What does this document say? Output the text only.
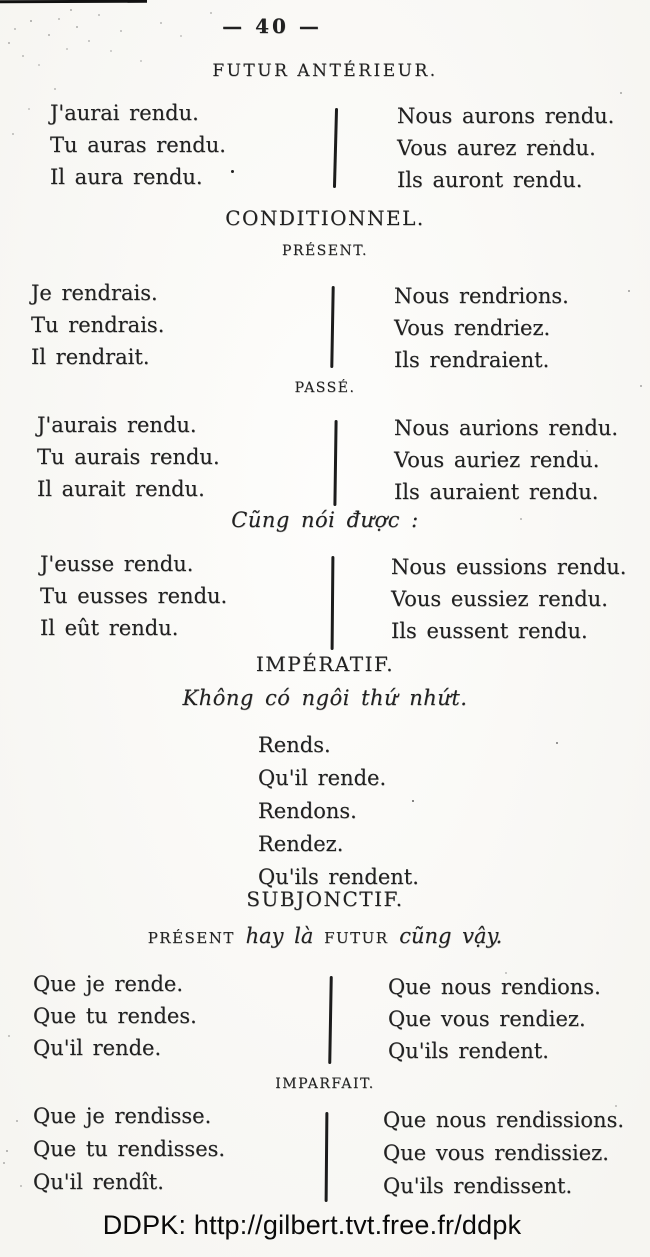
— 40 —
FUTUR ANTÉRIEUR.
J'aurai rendu.
Tu auras rendu.
Il aura rendu.
Nous aurons rendu.
Vous aurez rendu.
Ils auront rendu.
CONDITIONNEL.
PRÉSENT.
Je rendrais.
Tu rendrais.
Il rendrait.
Nous rendrions.
Vous rendriez.
Ils rendraient.
PASSÉ.
J'aurais rendu.
Tu aurais rendu.
Il aurait rendu.
Nous aurions rendu.
Vous auriez rendu.
Ils auraient rendu.
Cũng nói được :
J'eusse rendu.
Tu eusses rendu.
Il eût rendu.
Nous eussions rendu.
Vous eussiez rendu.
Ils eussent rendu.
IMPÉRATIF.
Không có ngôi thứ nhứt.
Rends.
Qu'il rende.
Rendons.
Rendez.
Qu'ils rendent.
SUBJONCTIF.
PRÉSENT hay là FUTUR cũng vậy.
Que je rende.
Que tu rendes.
Qu'il rende.
Que nous rendions.
Que vous rendiez.
Qu'ils rendent.
IMPARFAIT.
Que je rendisse.
Que tu rendisses.
Qu'il rendît.
Que nous rendissions.
Que vous rendissiez.
Qu'ils rendissent.
DDPK: http://gilbert.tvt.free.fr/ddpk
